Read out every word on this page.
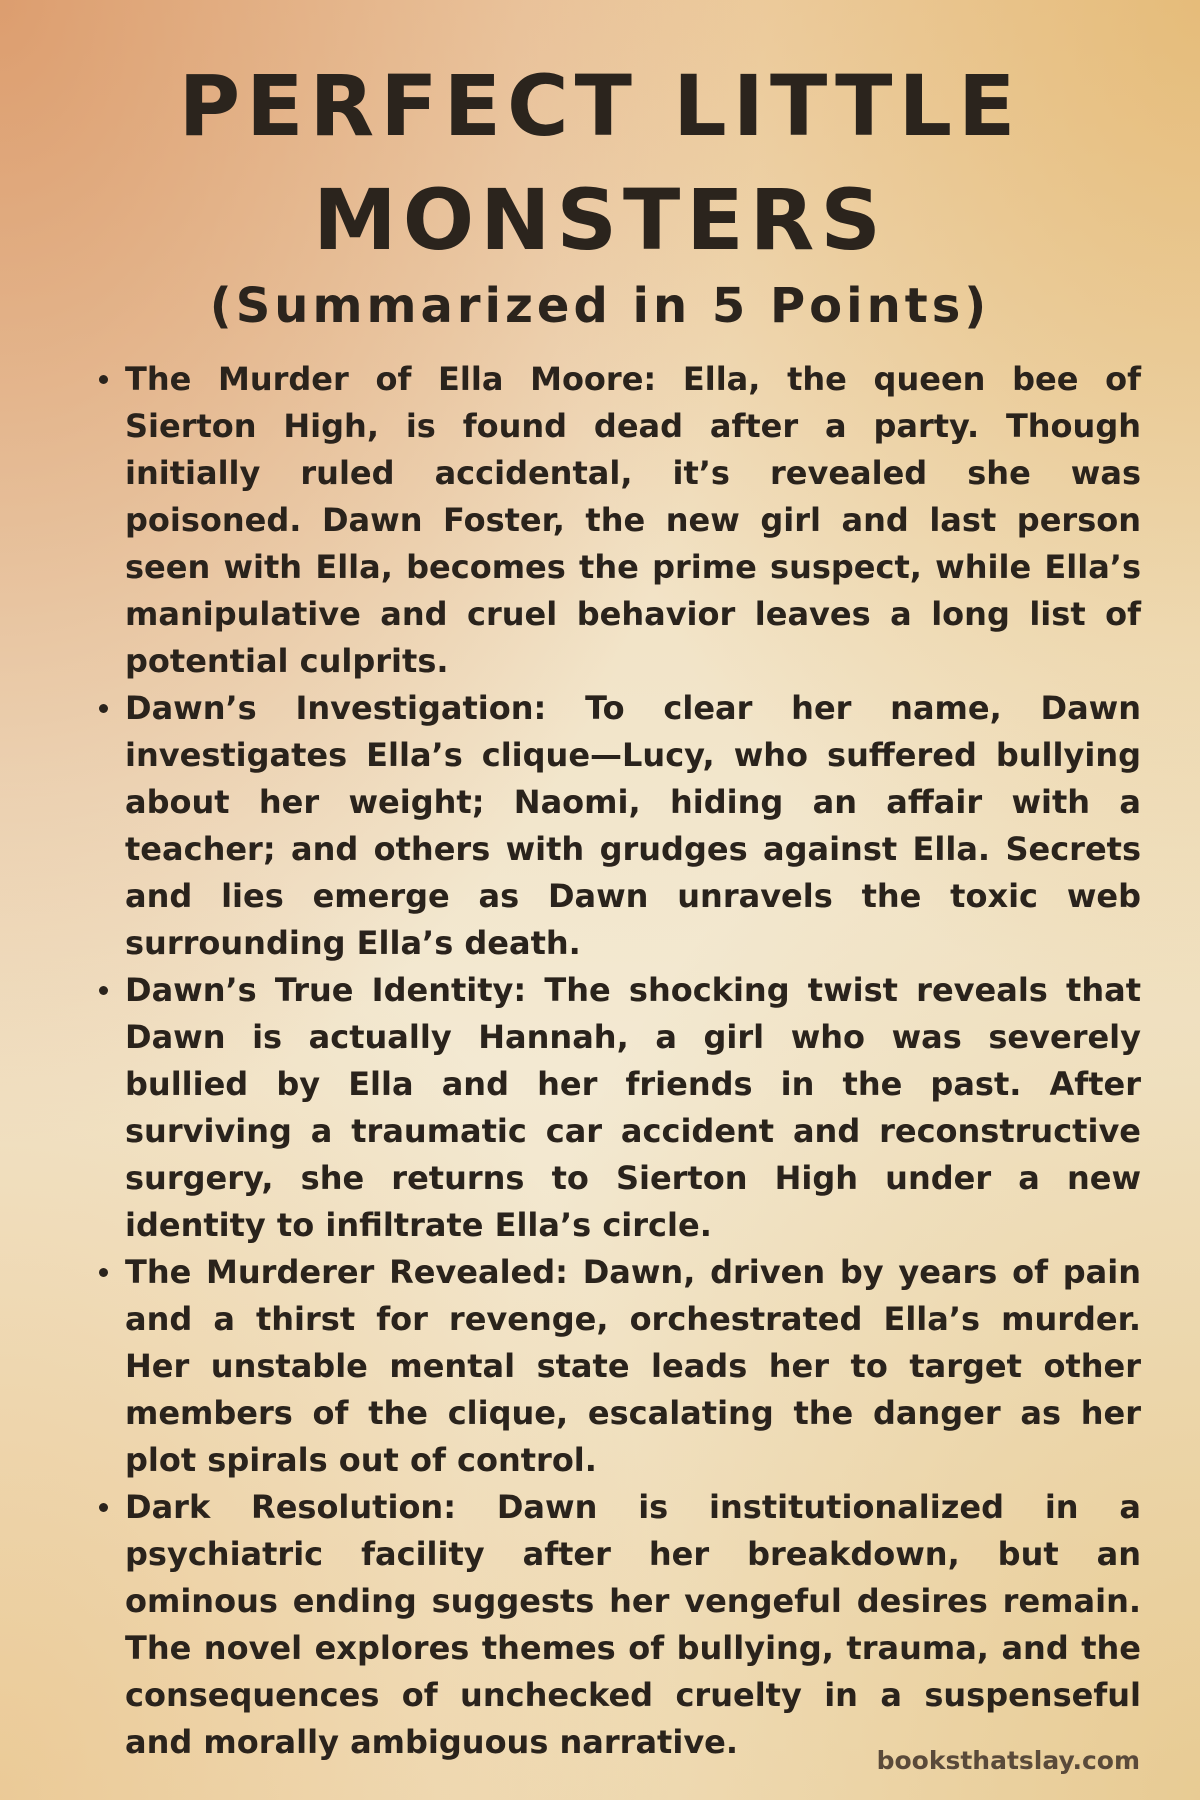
PERFECT LITTLE
MONSTERS
(Summarized in 5 Points)
The Murder of Ella Moore: Ella, the queen bee of Sierton High, is found dead after a party. Though initially ruled accidental, it’s revealed she was poisoned. Dawn Foster, the new girl and last person seen with Ella, becomes the prime suspect, while Ella’s manipulative and cruel behavior leaves a long list of potential culprits.
Dawn’s Investigation: To clear her name, Dawn investigates Ella’s clique—Lucy, who suffered bullying about her weight; Naomi, hiding an affair with a teacher; and others with grudges against Ella. Secrets and lies emerge as Dawn unravels the toxic web surrounding Ella’s death.
Dawn’s True Identity: The shocking twist reveals that Dawn is actually Hannah, a girl who was severely bullied by Ella and her friends in the past. After surviving a traumatic car accident and reconstructive surgery, she returns to Sierton High under a new identity to infiltrate Ella’s circle.
The Murderer Revealed: Dawn, driven by years of pain and a thirst for revenge, orchestrated Ella’s murder. Her unstable mental state leads her to target other members of the clique, escalating the danger as her plot spirals out of control.
Dark Resolution: Dawn is institutionalized in a psychiatric facility after her breakdown, but an ominous ending suggests her vengeful desires remain. The novel explores themes of bullying, trauma, and the consequences of unchecked cruelty in a suspenseful and morally ambiguous narrative.	booksthatslay.com
